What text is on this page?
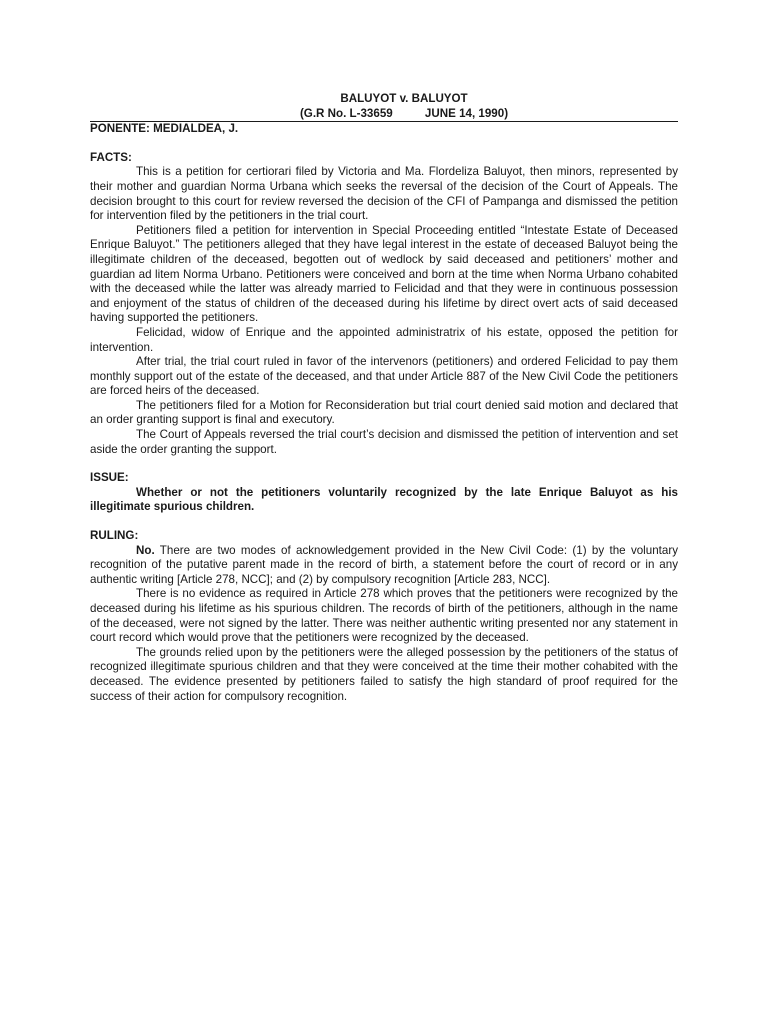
BALUYOT v. BALUYOT

(G.R No. L-33659          JUNE 14, 1990)

PONENTE: MEDIALDEA, J.

FACTS:

This is a petition for certiorari filed by Victoria and Ma. Flordeliza Baluyot, then minors, represented by their mother and guardian Norma Urbana which seeks the reversal of the decision of the Court of Appeals. The decision brought to this court for review reversed the decision of the CFI of Pampanga and dismissed the petition for intervention filed by the petitioners in the trial court.

Petitioners filed a petition for intervention in Special Proceeding entitled “Intestate Estate of Deceased Enrique Baluyot.” The petitioners alleged that they have legal interest in the estate of deceased Baluyot being the illegitimate children of the deceased, begotten out of wedlock by said deceased and petitioners’ mother and guardian ad litem Norma Urbano. Petitioners were conceived and born at the time when Norma Urbano cohabited with the deceased while the latter was already married to Felicidad and that they were in continuous possession and enjoyment of the status of children of the deceased during his lifetime by direct overt acts of said deceased having supported the petitioners.

Felicidad, widow of Enrique and the appointed administratrix of his estate, opposed the petition for intervention.

After trial, the trial court ruled in favor of the intervenors (petitioners) and ordered Felicidad to pay them monthly support out of the estate of the deceased, and that under Article 887 of the New Civil Code the petitioners are forced heirs of the deceased.

The petitioners filed for a Motion for Reconsideration but trial court denied said motion and declared that an order granting support is final and executory.

The Court of Appeals reversed the trial court’s decision and dismissed the petition of intervention and set aside the order granting the support.

ISSUE:

Whether or not the petitioners voluntarily recognized by the late Enrique Baluyot as his illegitimate spurious children.

RULING:

No. There are two modes of acknowledgement provided in the New Civil Code: (1) by the voluntary recognition of the putative parent made in the record of birth, a statement before the court of record or in any authentic writing [Article 278, NCC]; and (2) by compulsory recognition [Article 283, NCC].

There is no evidence as required in Article 278 which proves that the petitioners were recognized by the deceased during his lifetime as his spurious children. The records of birth of the petitioners, although in the name of the deceased, were not signed by the latter. There was neither authentic writing presented nor any statement in court record which would prove that the petitioners were recognized by the deceased.

The grounds relied upon by the petitioners were the alleged possession by the petitioners of the status of recognized illegitimate spurious children and that they were conceived at the time their mother cohabited with the deceased. The evidence presented by petitioners failed to satisfy the high standard of proof required for the success of their action for compulsory recognition.
